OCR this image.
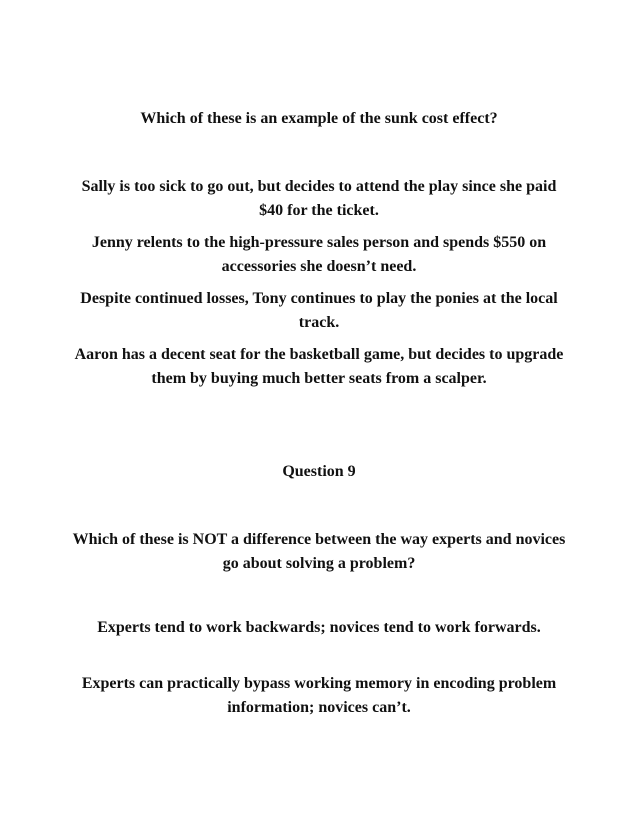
Which of these is an example of the sunk cost effect?

Sally is too sick to go out, but decides to attend the play since she paid $40 for the ticket.

Jenny relents to the high-pressure sales person and spends $550 on accessories she doesn’t need.

Despite continued losses, Tony continues to play the ponies at the local track.

Aaron has a decent seat for the basketball game, but decides to upgrade them by buying much better seats from a scalper.

Question 9

Which of these is NOT a difference between the way experts and novices go about solving a problem?

Experts tend to work backwards; novices tend to work forwards.

Experts can practically bypass working memory in encoding problem information; novices can’t.
